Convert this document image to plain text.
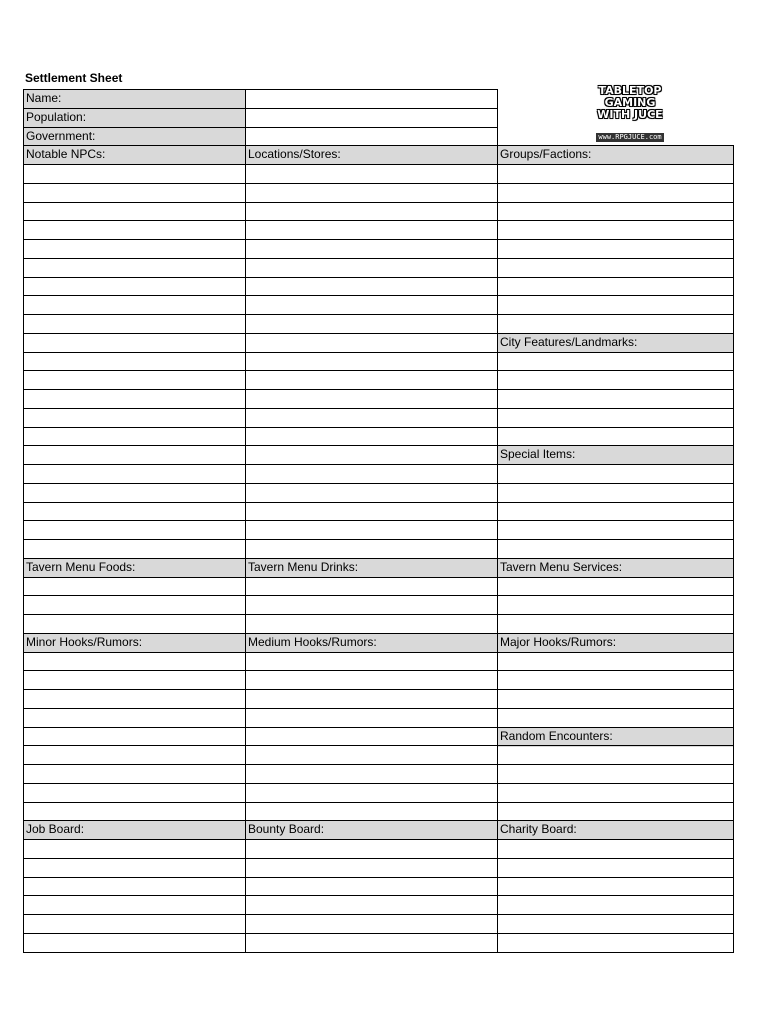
Settlement Sheet
TABLETOP
GAMING
WITH JUCE
www.RPGJUCE.com
Name:
Population:
Government:
Notable NPCs:	Locations/Stores:	Groups/Factions:
City Features/Landmarks:
Special Items:
Tavern Menu Foods:	Tavern Menu Drinks:	Tavern Menu Services:
Minor Hooks/Rumors:	Medium Hooks/Rumors:	Major Hooks/Rumors:
Random Encounters:
Job Board:	Bounty Board:	Charity Board:
